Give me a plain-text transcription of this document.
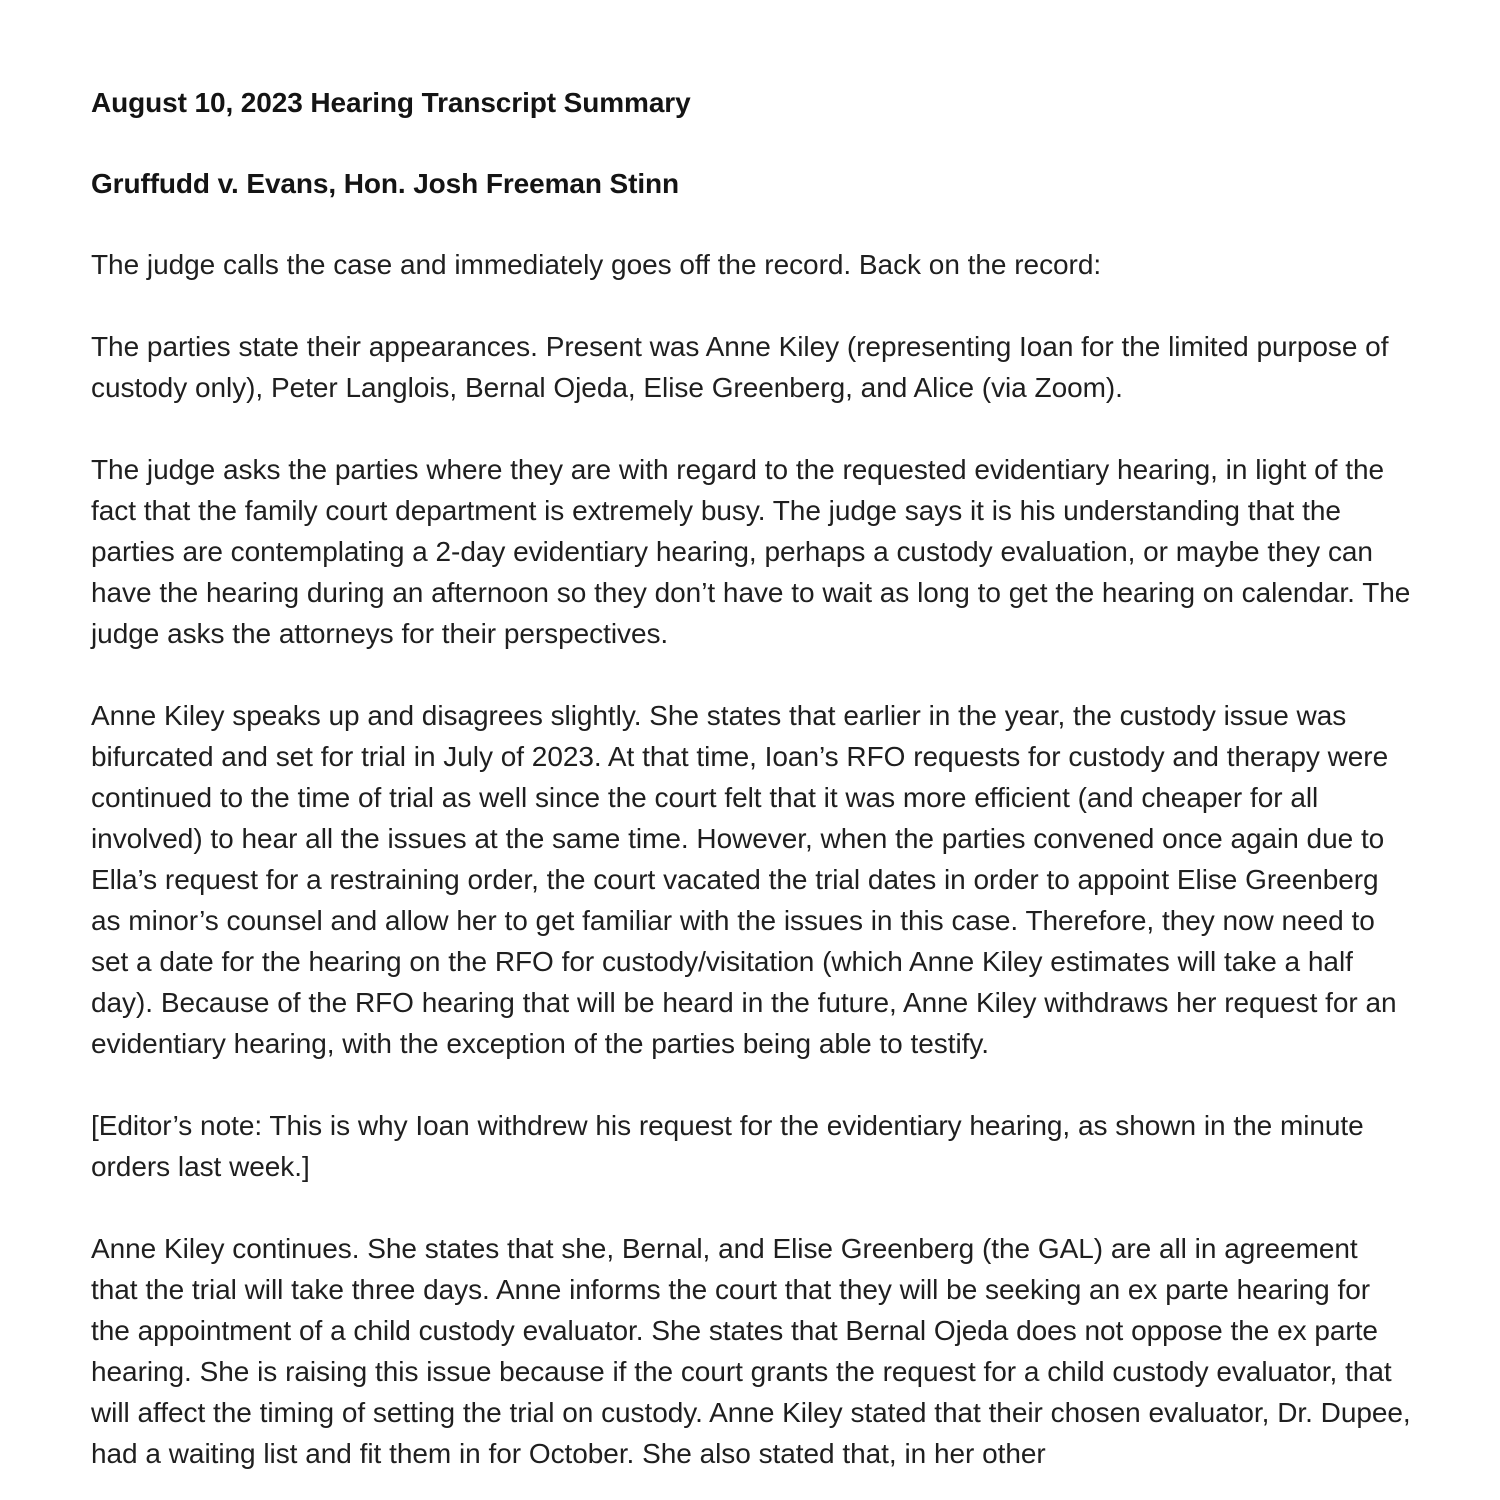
August 10, 2023 Hearing Transcript Summary

Gruffudd v. Evans, Hon. Josh Freeman Stinn

The judge calls the case and immediately goes off the record. Back on the record:

The parties state their appearances. Present was Anne Kiley (representing Ioan for the limited purpose of custody only), Peter Langlois, Bernal Ojeda, Elise Greenberg, and Alice (via Zoom).

The judge asks the parties where they are with regard to the requested evidentiary hearing, in light of the fact that the family court department is extremely busy. The judge says it is his understanding that the parties are contemplating a 2-day evidentiary hearing, perhaps a custody evaluation, or maybe they can have the hearing during an afternoon so they don’t have to wait as long to get the hearing on calendar. The judge asks the attorneys for their perspectives.

Anne Kiley speaks up and disagrees slightly. She states that earlier in the year, the custody issue was bifurcated and set for trial in July of 2023. At that time, Ioan’s RFO requests for custody and therapy were continued to the time of trial as well since the court felt that it was more efficient (and cheaper for all involved) to hear all the issues at the same time. However, when the parties convened once again due to Ella’s request for a restraining order, the court vacated the trial dates in order to appoint Elise Greenberg as minor’s counsel and allow her to get familiar with the issues in this case. Therefore, they now need to set a date for the hearing on the RFO for custody/visitation (which Anne Kiley estimates will take a half day). Because of the RFO hearing that will be heard in the future, Anne Kiley withdraws her request for an evidentiary hearing, with the exception of the parties being able to testify.

[Editor’s note: This is why Ioan withdrew his request for the evidentiary hearing, as shown in the minute orders last week.]

Anne Kiley continues. She states that she, Bernal, and Elise Greenberg (the GAL) are all in agreement that the trial will take three days. Anne informs the court that they will be seeking an ex parte hearing for the appointment of a child custody evaluator. She states that Bernal Ojeda does not oppose the ex parte hearing. She is raising this issue because if the court grants the request for a child custody evaluator, that will affect the timing of setting the trial on custody. Anne Kiley stated that their chosen evaluator, Dr. Dupee, had a waiting list and fit them in for October. She also stated that, in her other
